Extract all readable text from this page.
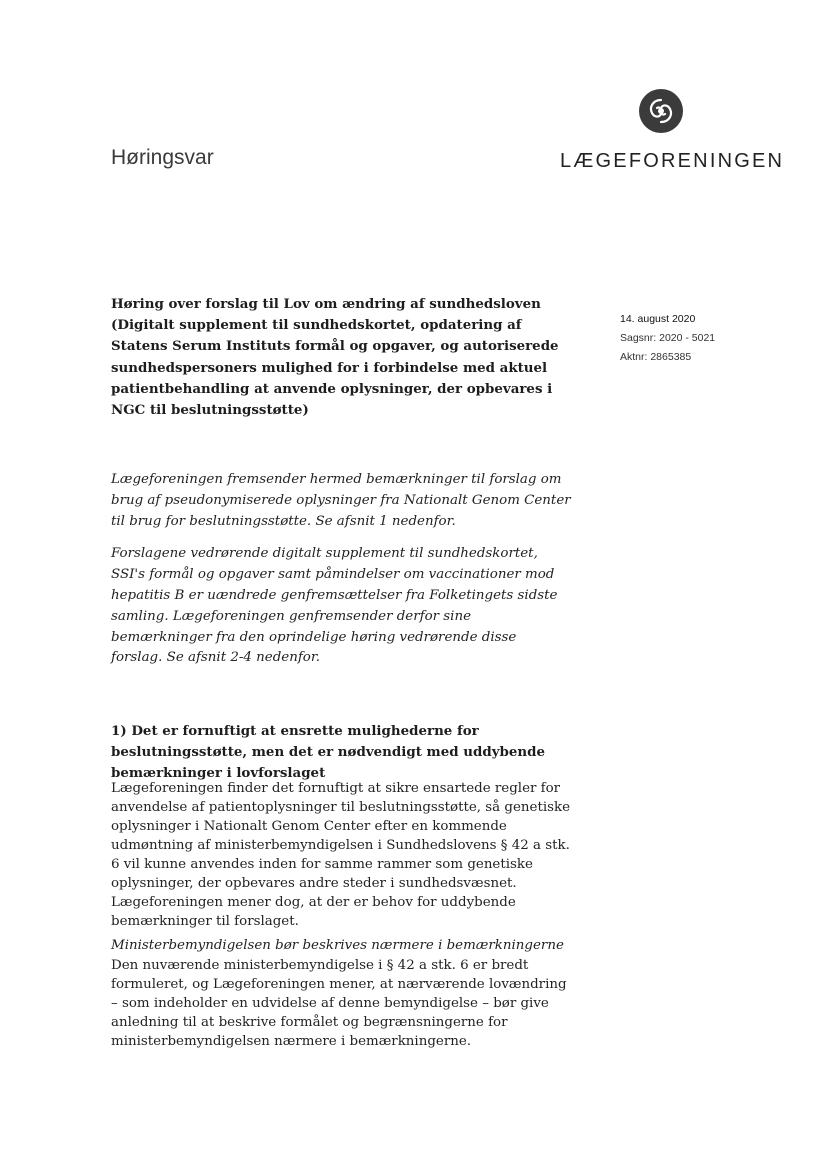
Høringsvar	LÆGEFORENINGEN

Høring over forslag til Lov om ændring af sundhedsloven (Digitalt supplement til sundhedskortet, opdatering af Statens Serum Instituts formål og opgaver, og autoriserede sundhedspersoners mulighed for i forbindelse med aktuel patientbehandling at anvende oplysninger, der opbevares i NGC til beslutningsstøtte)

14. august 2020
Sagsnr: 2020 - 5021
Aktnr: 2865385

Lægeforeningen fremsender hermed bemærkninger til forslag om brug af pseudonymiserede oplysninger fra Nationalt Genom Center til brug for beslutningsstøtte. Se afsnit 1 nedenfor.

Forslagene vedrørende digitalt supplement til sundhedskortet, SSI's formål og opgaver samt påmindelser om vaccinationer mod hepatitis B er uændrede genfremsættelser fra Folketingets sidste samling. Lægeforeningen genfremsender derfor sine bemærkninger fra den oprindelige høring vedrørende disse forslag. Se afsnit 2-4 nedenfor.

1) Det er fornuftigt at ensrette mulighederne for beslutningsstøtte, men det er nødvendigt med uddybende bemærkninger i lovforslaget

Lægeforeningen finder det fornuftigt at sikre ensartede regler for anvendelse af patientoplysninger til beslutningsstøtte, så genetiske oplysninger i Nationalt Genom Center efter en kommende udmøntning af ministerbemyndigelsen i Sundhedslovens § 42 a stk. 6 vil kunne anvendes inden for samme rammer som genetiske oplysninger, der opbevares andre steder i sundhedsvæsnet. Lægeforeningen mener dog, at der er behov for uddybende bemærkninger til forslaget.

Ministerbemyndigelsen bør beskrives nærmere i bemærkningerne

Den nuværende ministerbemyndigelse i § 42 a stk. 6 er bredt formuleret, og Lægeforeningen mener, at nærværende lovændring – som indeholder en udvidelse af denne bemyndigelse – bør give anledning til at beskrive formålet og begrænsningerne for ministerbemyndigelsen nærmere i bemærkningerne.
